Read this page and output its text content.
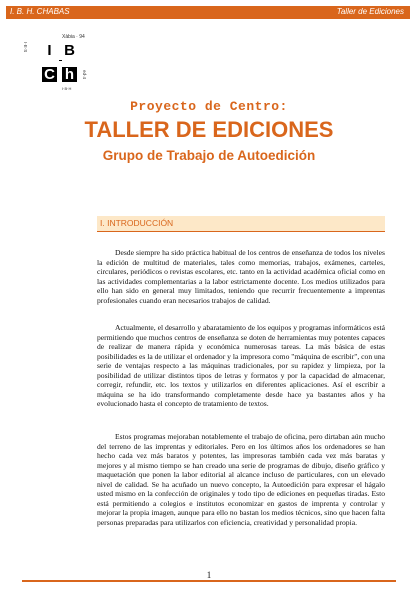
I. B. H. CHABAS	Taller de Ediciones
I·E·S
Xàbia · 94
I B
C h
I·B·H
ed·4
Proyecto de Centro:
TALLER DE EDICIONES
Grupo de Trabajo de Autoedición
I. INTRODUCCIÓN

Desde siempre ha sido práctica habitual de los centros de enseñanza de todos los niveles la edición de multitud de materiales, tales como memorias, trabajos, exámenes, carteles, circulares, periódicos o revistas escolares, etc. tanto en la actividad académica oficial como en las actividades complementarias a la labor estrictamente docente. Los medios utilizados para ello han sido en general muy limitados, teniendo que recurrir frecuentemente a imprentas profesionales cuando eran necesarios trabajos de calidad.

Actualmente, el desarrollo y abaratamiento de los equipos y programas informáticos está permitiendo que muchos centros de enseñanza se doten de herramientas muy potentes capaces de realizar de manera rápida y económica numerosas tareas. La más básica de estas posibilidades es la de utilizar el ordenador y la impresora como "máquina de escribir", con una serie de ventajas respecto a las máquinas tradicionales, por su rapidez y limpieza, por la posibilidad de utilizar distintos tipos de letras y formatos y por la capacidad de almacenar, corregir, refundir, etc. los textos y utilizarlos en diferentes aplicaciones. Así el escribir a máquina se ha ido transformando completamente desde hace ya bastantes años y ha evolucionado hasta el concepto de tratamiento de textos.

Estos programas mejoraban notablemente el trabajo de oficina, pero dirtaban aún mucho del terreno de las imprentas y editoriales. Pero en los últimos años los ordenadores se han hecho cada vez más baratos y potentes, las impresoras también cada vez más baratas y mejores y al mismo tiempo se han creado una serie de programas de dibujo, diseño gráfico y maquetación que ponen la labor editorial al alcance incluso de particulares, con un elevado nivel de calidad. Se ha acuñado un nuevo concepto, la Autoedición para expresar el hágalo usted mismo en la confección de originales y todo tipo de ediciones en pequeñas tiradas. Esto está permitiendo a colegios e institutos economizar en gastos de imprenta y controlar y mejorar la propia imagen, aunque para ello no bastan los medios técnicos, sino que hacen falta personas preparadas para utilizarlos con eficiencia, creatividad y personalidad propia.

1
